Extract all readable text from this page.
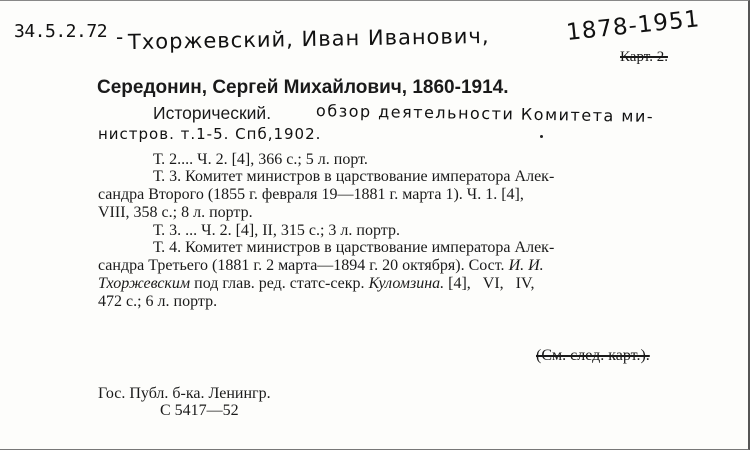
34.5.2.72 - Тхоржевский, Иван Иванович,	1878-1951
Карт. 2.
Середонин, Сергей Михайлович, 1860-1914.
Исторический.	обзор деятельности Комитета ми-
нистров. т.1-5. Спб,1902.
Т. 2.... Ч. 2. [4], 366 с.; 5 л. порт.
Т. 3. Комитет министров в царствование императора Алек-
сандра Второго (1855 г. февраля 19—1881 г. марта 1). Ч. 1. [4],
VIII, 358 с.; 8 л. портр.
Т. 3. ... Ч. 2. [4], II, 315 с.; 3 л. портр.
Т. 4. Комитет министров в царствование императора Алек-
сандра Третьего (1881 г. 2 марта—1894 г. 20 октября). Сост. И. И.
Тхоржевским под глав. ред. статс-секр. Куломзина. [4],   VI,   IV,
472 с.; 6 л. портр.
(См. след. карт.).
Гос. Публ. б-ка. Ленингр.
С 5417—52
